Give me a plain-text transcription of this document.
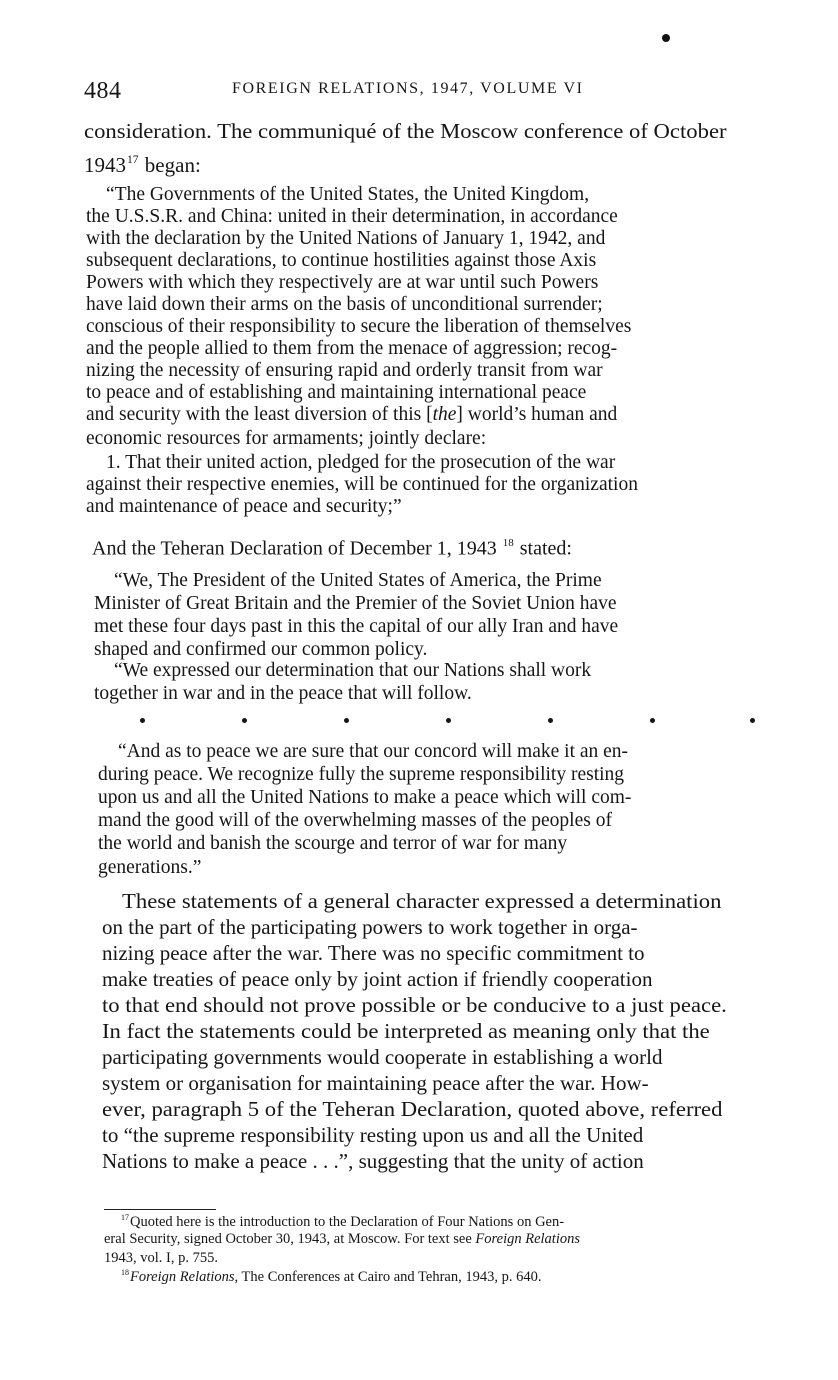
484	FOREIGN RELATIONS, 1947, VOLUME VI
consideration. The communiqué of the Moscow conference of October
1943$^{17}$ began:
“The Governments of the United States, the United Kingdom,
the U.S.S.R. and China: united in their determination, in accordance
with the declaration by the United Nations of January 1, 1942, and
subsequent declarations, to continue hostilities against those Axis
Powers with which they respectively are at war until such Powers
have laid down their arms on the basis of unconditional surrender;
conscious of their responsibility to secure the liberation of themselves
and the people allied to them from the menace of aggression; recog-
nizing the necessity of ensuring rapid and orderly transit from war
to peace and of establishing and maintaining international peace
and security with the least diversion of this [the] world’s human and
economic resources for armaments; jointly declare:
1. That their united action, pledged for the prosecution of the war
against their respective enemies, will be continued for the organization
and maintenance of peace and security;”
And the Teheran Declaration of December 1, 1943 $^{18}$ stated:
“We, The President of the United States of America, the Prime
Minister of Great Britain and the Premier of the Soviet Union have
met these four days past in this the capital of our ally Iran and have
shaped and confirmed our common policy.
“We expressed our determination that our Nations shall work
together in war and in the peace that will follow.
“And as to peace we are sure that our concord will make it an en-
during peace. We recognize fully the supreme responsibility resting
upon us and all the United Nations to make a peace which will com-
mand the good will of the overwhelming masses of the peoples of
the world and banish the scourge and terror of war for many
generations.”
These statements of a general character expressed a determination
on the part of the participating powers to work together in orga-
nizing peace after the war. There was no specific commitment to
make treaties of peace only by joint action if friendly cooperation
to that end should not prove possible or be conducive to a just peace.
In fact the statements could be interpreted as meaning only that the
participating governments would cooperate in establishing a world
system or organisation for maintaining peace after the war. How-
ever, paragraph 5 of the Teheran Declaration, quoted above, referred
to “the supreme responsibility resting upon us and all the United
Nations to make a peace . . .”, suggesting that the unity of action
$^{17}$Quoted here is the introduction to the Declaration of Four Nations on Gen-
eral Security, signed October 30, 1943, at Moscow. For text see Foreign Relations
1943, vol. I, p. 755.
$^{18}$Foreign Relations, The Conferences at Cairo and Tehran, 1943, p. 640.
